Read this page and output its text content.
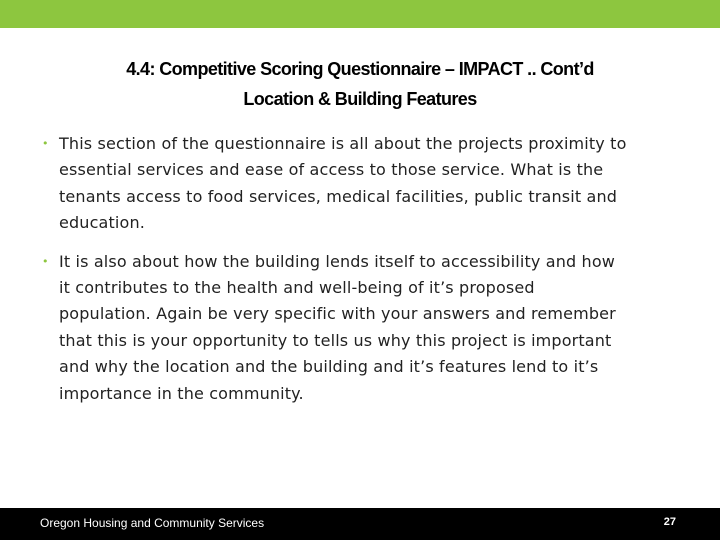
4.4: Competitive Scoring Questionnaire – IMPACT .. Cont’d
Location & Building Features
• This section of the questionnaire is all about the projects proximity to
essential services and ease of access to those service. What is the
tenants access to food services, medical facilities, public transit and
education.
• It is also about how the building lends itself to accessibility and how
it contributes to the health and well-being of it’s proposed
population. Again be very specific with your answers and remember
that this is your opportunity to tells us why this project is important
and why the location and the building and it’s features lend to it’s
importance in the community.
Oregon Housing and Community Services	27
